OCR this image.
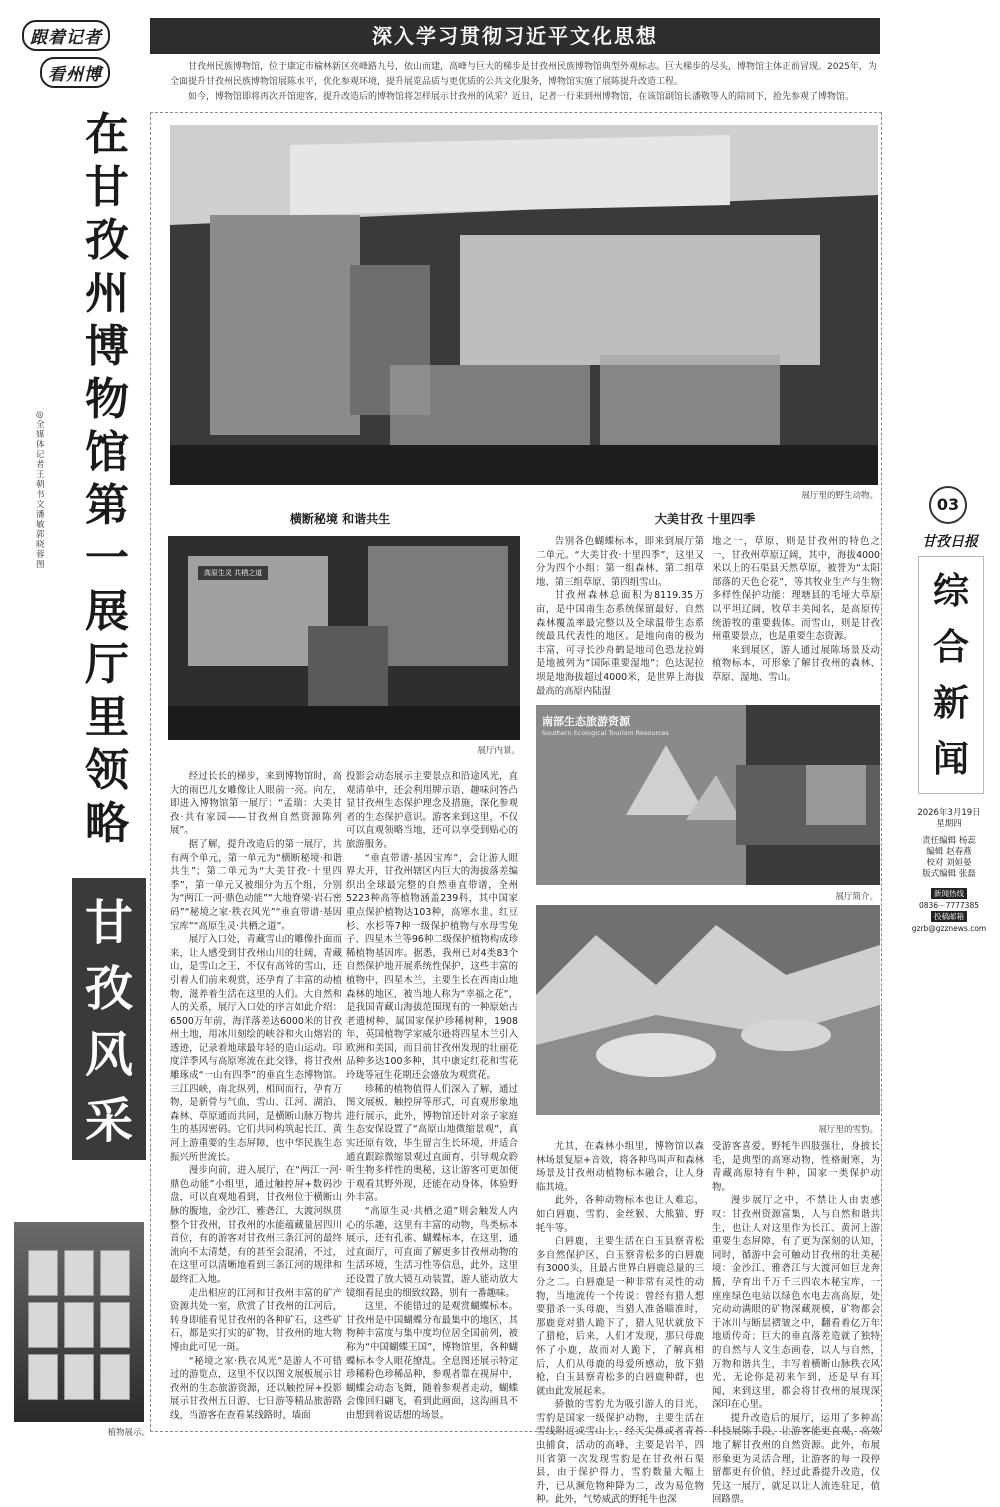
跟着记者
看州博
深入学习贯彻习近平文化思想

甘孜州民族博物馆，位于康定市榆林新区亮峰路九号，依山而建，高峰与巨大的梯步是甘孜州民族博物馆典型外观标志。巨大梯步的尽头，博物馆主体正前冒现。2025年，为全面提升甘孜州民族博物馆展陈水平，优化参观环境，提升展览品质与更优质的公共文化服务，博物馆实施了展陈提升改造工程。

如今，博物馆即将再次开馆迎客，提升改造后的博物馆将怎样展示甘孜州的风采？近日，记者一行来到州博物馆，在该馆副馆长潘敬等人的陪同下，抢先参观了博物馆。

在甘孜州博物馆第一展厅里领略
◎全媒体记者 王朝书 文 潘敏 郭晓蓉图
甘孜风采
展厅里的野生动物。
横断秘境 和谐共生	大美甘孜 十里四季
高原生灵 共栖之道
展厅内景。

告别各色蝴蝶标本，即来到展厅第二单元。“大美甘孜·十里四季”，这里又分为四个小组：第一组森林、第二组草地、第三组草原、第四组雪山。

甘孜州森林总面积为8119.35万亩，是中国南生态系统保留最好、自然森林覆盖率最完整以及全球温带生态系统最具代表性的地区。是地向南的极为丰富，可寻长沙舟鹤是地司色恐龙拉姆是地被列为“国际重要湿地”；色达泥拉坝是地海拔超过4000米，是世界上海拔最高的高原内陆湿

地之一，草原，则是甘孜州的特色之一，甘孜州草原辽阔，其中，海拔4000米以上的石渠县天然草原，被誉为“太阳部落的天色仑花”，等其牧业生产与生物多样性保护功能：理塘县的毛垭大草原以平坦辽阔，牧草丰美闻名，是高原传统游牧的重要载体。而雪山，则是甘孜州重要景点，也是重要生态资源。

来到展区，游人通过展陈场景及动植物标本，可形象了解甘孜州的森林、草原、湿地、雪山。

南部生态旅游资源
Southern Ecological Tourism Resources
展厅简介。
展厅里的雪豹。

经过长长的梯步，来到博物馆时，高大的雨巴儿女雕像让人眼前一亮。向左，即进入博物馆第一展厅：“孟瑞：大美甘孜·共有家园——甘孜州自然资源陈列展”。

据了解，提升改造后的第一展厅，共有两个单元，第一单元为“横断秘境·和谐共生”；第二单元为“大美甘孜·十里四季”，第一单元又被细分为五个组，分别为“两江一河·鼎色动能”“大地脊梁·岩石密码”“秘境之家·秩衣风光”“垂直带谱·基因宝库”“高原生灵·共栖之道”。

展厅入口处，青藏雪山的雕像扑面而来，让人感受到甘孜州山川的壮阔，青藏山，是雪山之王，不仅有高耸的雪山，还引着人们前来观赏，还孕育了丰富的动植物，滋养着生活在这里的人们。大自然和人的关系，展厅入口处的序言如此介绍：6500万年前，海洋落差达6000米的甘孜州土地，用冰川刻绘的峡谷和火山熔岩的透迹，记录着地球最年轻的造山运动。印度洋季风与高原寒流在此交锋，将甘孜州雕琢成“一山有四季”的垂直生态博物馆。三江四峡，南北纵列，相间而行，孕育万物，是新骨与气血，雪山、江河、湖泊、森林、草原通而共同，是横断山脉万物共生的基因密码。它们共同构筑起长江、黄河上游重要的生态屏障，也中华民族生态振兴所世流长。

漫步向前，进入展厅，在“两江一河·鼎色动能”小组里，通过触控屏+数码沙盘，可以直观地看到，甘孜州位于横断山脉的腹地，金沙江、雅砻江、大渡河纵贯整个甘孜州，甘孜州的水能蕴藏量居四川首位，有的游客对甘孜州三条江河的最终流向不太清楚，有的甚至会混淆，不过，在这里可以清晰地看到三条江河的规律和最终汇入地。

走出相应的江河和甘孜州丰富的矿产资源共处一室，欣赏了甘孜州的江河后，转身即能看见甘孜州的各种矿石，这些矿石，都是实打实的矿物，甘孜州的地大物博由此可见一斑。

“秘境之家·秩衣风光”是游人不可错过的游览点，这里不仅以图文展板展示甘孜州的生态旅游资源，还以触控屏+投影展示甘孜州五日游、七日游等精品旅游路线，当游客在查看某线路时，墙面

投影会动态展示主要景点和沿途风光，直观清单中，还会利用牌示语、趣味问答凸显甘孜州生态保护理念及措施，深化参观者的生态保护意识。游客来到这里，不仅可以直观领略当地，还可以享受到贴心的旅游服务。

“垂直带谱·基因宝库”，会让游人眼界大开，甘孜州辖区内巨大的海拔落差编织出全球最完整的自然垂直带谱，全州5223种高等植物涵盖239科，其中国家重点保护植物达103种，高寒水韭、红豆杉、水杉等7种一级保护植物与水母雪兔子、四星木兰等96种二级保护植物构成珍稀植物基因库。据悉，我州已对4类83个自然保护地开展系统性保护，这些丰富的植物中，四星木兰，主要生长在西南山地森林的地区，被当地人称为“幸福之花”，是我国青藏山海拔范围现有的一种原始古老遗树种，属国家保护珍稀树种，1908年，英国植物学家威尔逊将四星木兰引入欧洲和美国，而目前甘孜州发现的壮丽花品种多达100多种，其中康定红花和雪花玲珑等冠生花期还会盛放为观赏花。

珍稀的植物值得人们深入了解，通过图文展板、触控屏等形式，可直观形象地进行展示，此外，博物馆还针对亲子家庭生态安保设置了“高原山地微缩景观”，真实还原有效，毕生留言生长环境，并适合通直跟踪微缩景观过直面育，引导观众聆听生物多样性的奥秘，这让游客可更加便于观看其野外现，还能在动身体，体验野外丰富。

“高原生灵·共栖之道”则会触发人内心的乐趣，这里有丰富的动物，鸟类标本展示，还有孔雀、蝴蝶标本，在这里，通过直面厅，可直面了解更多甘孜州动物的生活环境，生活习性等信息，此外，这里还设置了放大镜互动装置，游人能动放大镜细看昆虫的细致纹路，别有一番趣味。

这里，不能错过的是观赏蝴蝶标本。甘孜州是中国蝴蝶分布最集中的地区，其物种丰富度与集中度均位居全国前列，被称为“中国蝴蝶王国”，博物馆里，各种蝴蝶标本令人眼花缭乱。全息图还展示特定珍稀粉色珍稀品种，参观者靠在视屏中，蝴蝶会动态飞舞，随着参观者走动，蝴蝶会像回归翩飞，看到此画面，这沟画具不由想到着说话想的场景。

尤其，在森林小组里，博物馆以森林场景复原+音效，将各种鸟叫声和森林场景及甘孜州动植物标本融合，让人身临其境。

此外，各种动物标本也让人难忘，如白唇鹿、雪豹、金丝猴、大熊猫、野牦牛等。

白唇鹿，主要生活在白玉县察青松多自然保护区，白玉察青松多的白唇鹿有3000头，且最占世界白唇鹿总量的三分之二。白唇鹿是一种非常有灵性的动物，当地流传一个传说：曾经有猎人想要猎杀一头母鹿，当猎人准备瞄准时，那鹿竟对猎人跪下了，猎人见状就放下了猎枪，后来，人们才发现，那只母鹿怀了小鹿，故而对人跪下，了解真相后，人们从母鹿的母爱所感动，放下猎枪，白玉县察青松多的白唇鹿种群，也就由此发展起来。

骄傲的雪豹尤为吸引游人的目光，雪豹是国家一级保护动物，主要生活在雪线附近或雪山上，经天尖鼻或者青苔虫捕食，活动的高峰，主要是岩羊，四川省第一次发现雪豹是在甘孜州石渠县，由于保护得力，雪豹数量大幅上升，已从濒危物种降为二，改为易危物种。此外，气势威武的野牦牛也深

受游客喜爱，野牦牛四肢强壮，身披长毛，是典型的高寒动物，性格耐寒，为青藏高原特有牛种，国家一类保护动物。

漫步展厅之中，不禁让人由衷感叹：甘孜州资源富集，人与自然和谐共生，也让人对这里作为长江、黄河上游重要生态屏障，有了更为深刻的认知，同时，循游中会可触动甘孜州的壮美秘境：金沙江、雅砻江与大渡河如巨龙奔腾，孕育出千万千三四农木秘宝库，一座座绿色电站以绿色水电去高高原，处完动动满眼的矿物深藏规模，矿物都会于冰川与断层褶皱之中，翻看着亿万年地质传奇；巨大的垂直落差造就了独特的自然与人文生态画卷，以人与自然，万物和谐共生，丰写着横断山脉秩衣风光，无论你是初来乍到，还是早有耳闻，来到这里，都会将甘孜州的展现深深印在心里。

提升改造后的展厅，运用了多种高科技展陈手段，让游客能更直观，高效地了解甘孜州的自然资源。此外，布展形象更为灵活合理，让游客的每一段停留都更有价值，经过此番提升改造，仅凭这一展厅，就足以让人流连驻足，值回路票。

植物展示。
03
甘孜日报
综合新闻
2026年3月19日
星期四
责任编辑 杨蕊
编辑 赵春燕
校对 刘姮晏
版式编辑 张磊
新闻热线
0836－7777385
投稿邮箱
gzrb@gzznews.com
